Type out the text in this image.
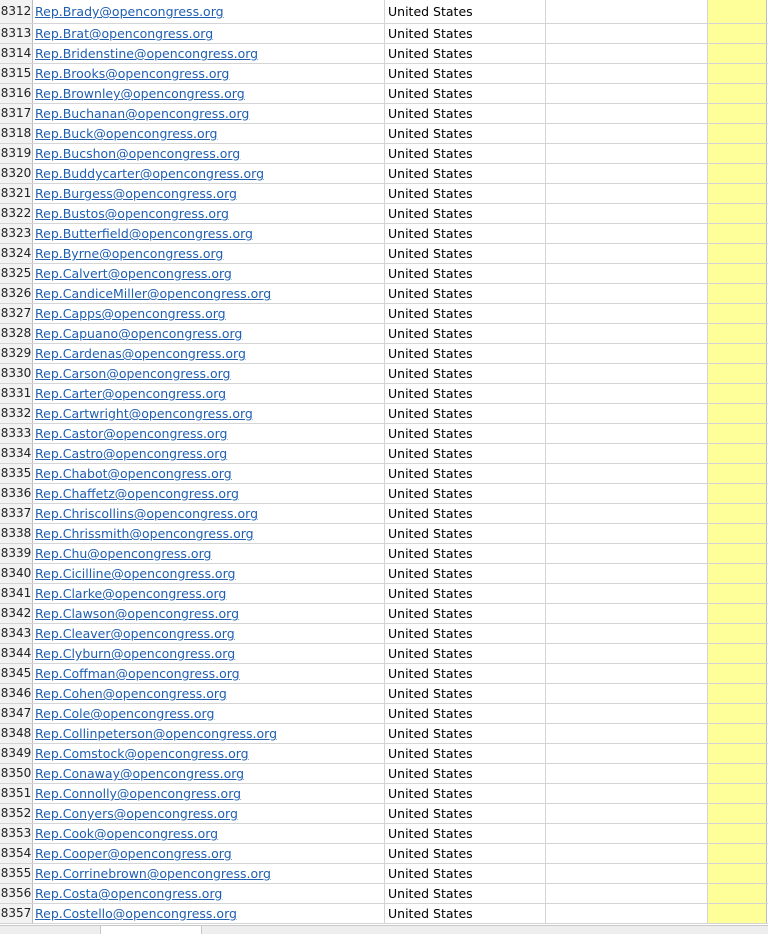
8312 Rep.Brady@opencongress.org	United States
8313 Rep.Brat@opencongress.org	United States
8314 Rep.Bridenstine@opencongress.org	United States
8315 Rep.Brooks@opencongress.org	United States
8316 Rep.Brownley@opencongress.org	United States
8317 Rep.Buchanan@opencongress.org	United States
8318 Rep.Buck@opencongress.org	United States
8319 Rep.Bucshon@opencongress.org	United States
8320 Rep.Buddycarter@opencongress.org	United States
8321 Rep.Burgess@opencongress.org	United States
8322 Rep.Bustos@opencongress.org	United States
8323 Rep.Butterfield@opencongress.org	United States
8324 Rep.Byrne@opencongress.org	United States
8325 Rep.Calvert@opencongress.org	United States
8326 Rep.CandiceMiller@opencongress.org	United States
8327 Rep.Capps@opencongress.org	United States
8328 Rep.Capuano@opencongress.org	United States
8329 Rep.Cardenas@opencongress.org	United States
8330 Rep.Carson@opencongress.org	United States
8331 Rep.Carter@opencongress.org	United States
8332 Rep.Cartwright@opencongress.org	United States
8333 Rep.Castor@opencongress.org	United States
8334 Rep.Castro@opencongress.org	United States
8335 Rep.Chabot@opencongress.org	United States
8336 Rep.Chaffetz@opencongress.org	United States
8337 Rep.Chriscollins@opencongress.org	United States
8338 Rep.Chrissmith@opencongress.org	United States
8339 Rep.Chu@opencongress.org	United States
8340 Rep.Cicilline@opencongress.org	United States
8341 Rep.Clarke@opencongress.org	United States
8342 Rep.Clawson@opencongress.org	United States
8343 Rep.Cleaver@opencongress.org	United States
8344 Rep.Clyburn@opencongress.org	United States
8345 Rep.Coffman@opencongress.org	United States
8346 Rep.Cohen@opencongress.org	United States
8347 Rep.Cole@opencongress.org	United States
8348 Rep.Collinpeterson@opencongress.org	United States
8349 Rep.Comstock@opencongress.org	United States
8350 Rep.Conaway@opencongress.org	United States
8351 Rep.Connolly@opencongress.org	United States
8352 Rep.Conyers@opencongress.org	United States
8353 Rep.Cook@opencongress.org	United States
8354 Rep.Cooper@opencongress.org	United States
8355 Rep.Corrinebrown@opencongress.org	United States
8356 Rep.Costa@opencongress.org	United States
8357 Rep.Costello@opencongress.org	United States
